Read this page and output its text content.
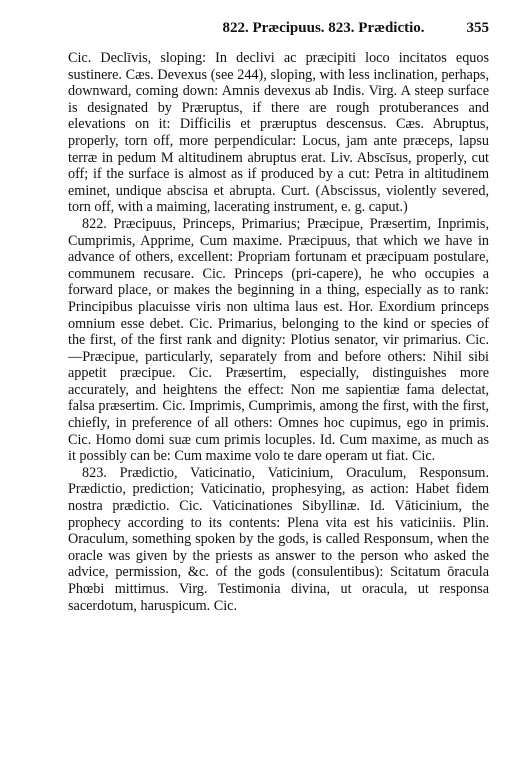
822. Præcipuus. 823. Prædictio.	355

Cic. Declīvis, sloping: In declivi ac præcipiti loco incitatos equos sustinere. Cæs. Devexus (see 244), sloping, with less inclination, perhaps, downward, coming down: Amnis devexus ab Indis. Virg. A steep surface is designated by Præruptus, if there are rough protuberances and elevations on it: Difficilis et præruptus descensus. Cæs. Abruptus, properly, torn off, more perpendicular: Locus, jam ante præceps, lapsu terræ in pedum M altitudinem abruptus erat. Liv. Abscīsus, properly, cut off; if the surface is almost as if produced by a cut: Petra in altitudinem eminet, undique abscisa et abrupta. Curt. (Abscissus, violently severed, torn off, with a maiming, lacerating instrument, e. g. caput.)

822. Præcipuus, Princeps, Primarius; Præcipue, Præsertim, Inprimis, Cumprimis, Apprime, Cum maxime. Præcipuus, that which we have in advance of others, excellent: Propriam fortunam et præcipuam postulare, communem recusare. Cic. Princeps (pri-capere), he who occupies a forward place, or makes the beginning in a thing, especially as to rank: Principibus placuisse viris non ultima laus est. Hor. Exordium princeps omnium esse debet. Cic. Primarius, belonging to the kind or species of the first, of the first rank and dignity: Plotius senator, vir primarius. Cic.—Præcipue, particularly, separately from and before others: Nihil sibi appetit præcipue. Cic. Præsertim, especially, distinguishes more accurately, and heightens the effect: Non me sapientiæ fama delectat, falsa præsertim. Cic. Imprimis, Cumprimis, among the first, with the first, chiefly, in preference of all others: Omnes hoc cupimus, ego in primis. Cic. Homo domi suæ cum primis locuples. Id. Cum maxime, as much as it possibly can be: Cum maxime volo te dare operam ut fiat. Cic.

823. Prædictio, Vaticinatio, Vaticinium, Oraculum, Responsum. Prædictio, prediction; Vaticinatio, prophesying, as action: Habet fidem nostra prædictio. Cic. Vaticinationes Sibyllinæ. Id. Vāticinium, the prophecy according to its contents: Plena vita est his vaticiniis. Plin. Oraculum, something spoken by the gods, is called Responsum, when the oracle was given by the priests as answer to the person who asked the advice, permission, &c. of the gods (consulentibus): Scitatum ōracula Phœbi mittimus. Virg. Testimonia divina, ut oracula, ut responsa sacerdotum, haruspicum. Cic.
